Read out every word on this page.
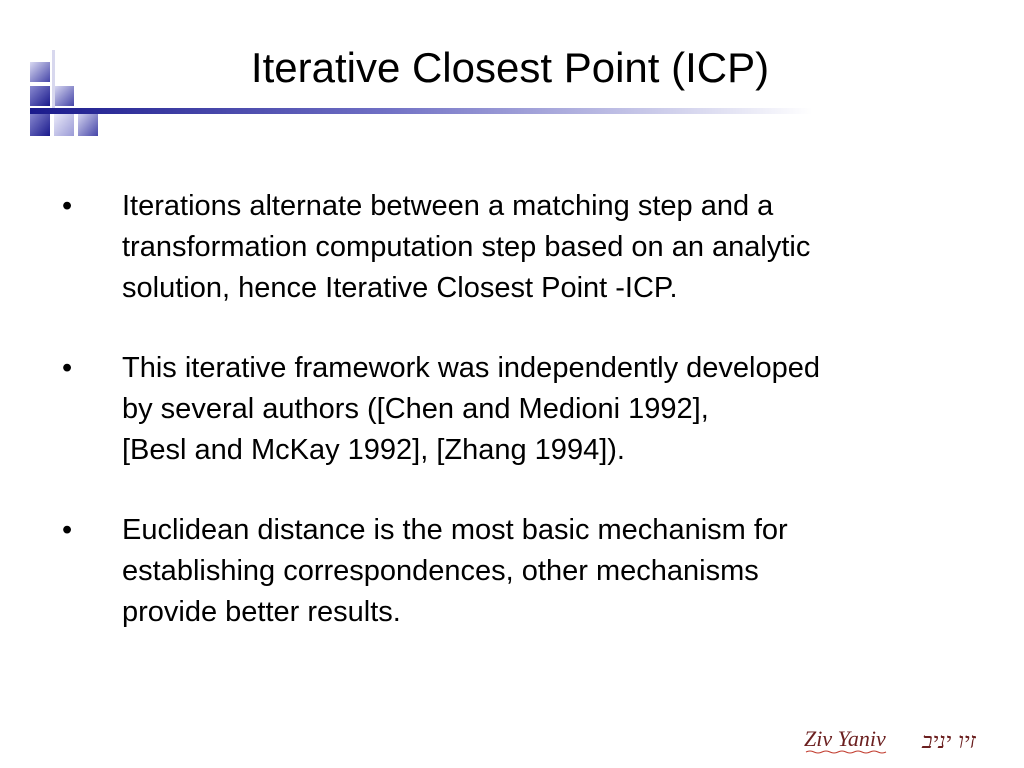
Iterative Closest Point (ICP)
•	Iterations alternate between a matching step and a
transformation computation step based on an analytic
solution, hence Iterative Closest Point -ICP.
•	This iterative framework was independently developed
by several authors ([Chen and Medioni 1992],
[Besl and McKay 1992], [Zhang 1994]).
•	Euclidean distance is the most basic mechanism for
establishing correspondences, other mechanisms
provide better results.
Ziv Yaniv זיו יניב
